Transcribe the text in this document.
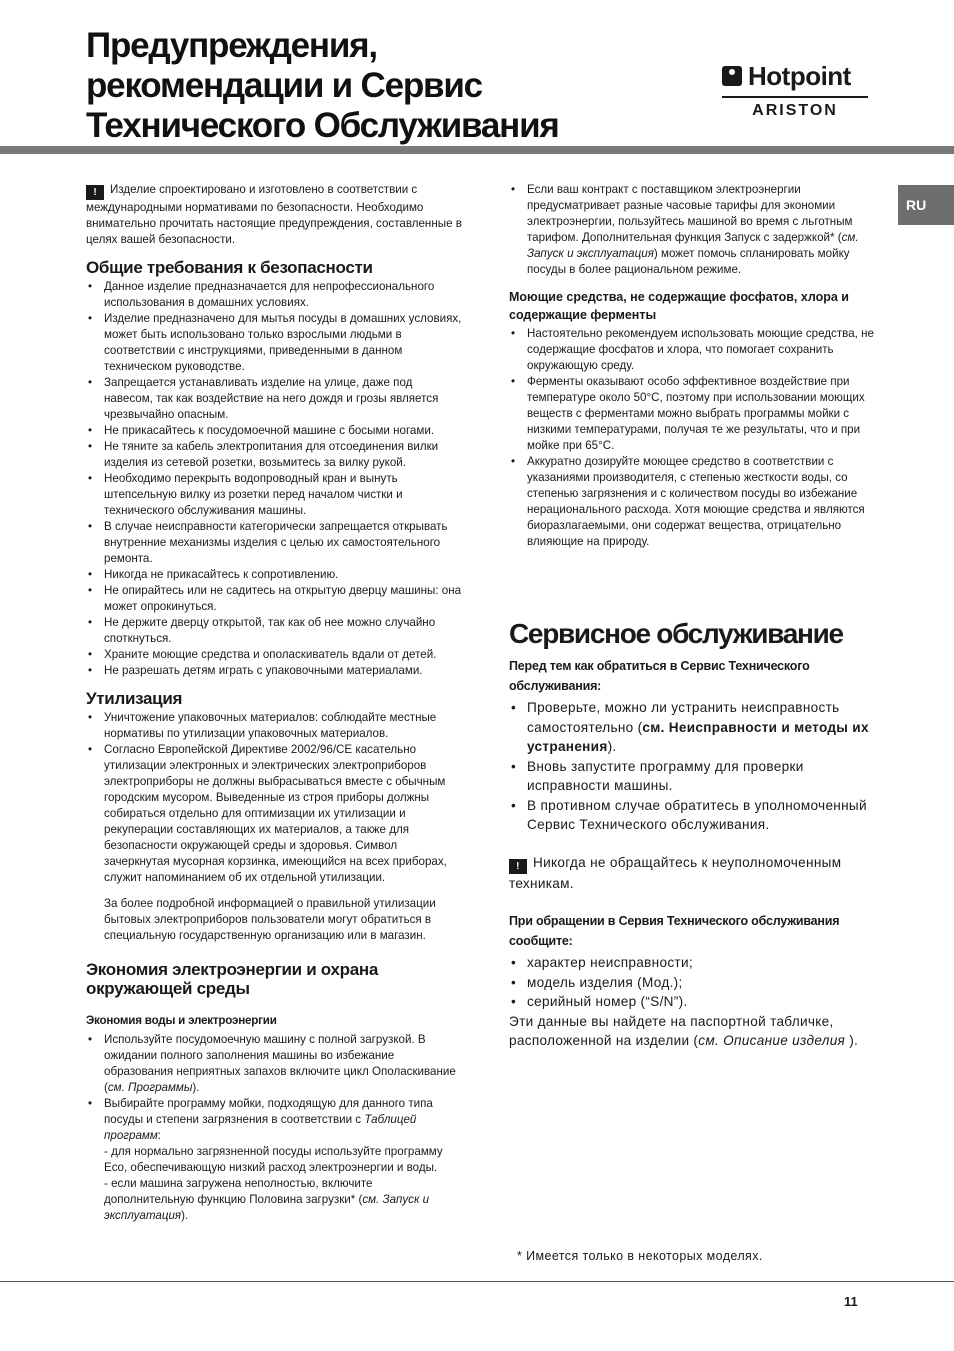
Предупреждения,
рекомендации и Сервис
Технического Обслуживания
Hotpoint
ARISTON
RU

! Изделие спроектировано и изготовлено в соответствии с международными нормативами по безопасности. Необходимо внимательно прочитать настоящие предупреждения, составленные в целях вашей безопасности.

Общие требования к безопасности
• Данное изделие предназначается для непрофессионального использования в домашних условиях.
• Изделие предназначено для мытья посуды в домашних условиях, может быть использовано только взрослыми людьми в соответствии с инструкциями, приведенными в данном техническом руководстве.
• Запрещается устанавливать изделие на улице, даже под навесом, так как воздействие на него дождя и грозы является чрезвычайно опасным.
• Не прикасайтесь к посудомоечной машине с босыми ногами.
• Не тяните за кабель электропитания для отсоединения вилки изделия из сетевой розетки, возьмитесь за вилку рукой.
• Необходимо перекрыть водопроводный кран и вынуть штепсельную вилку из розетки перед началом чистки и технического обслуживания машины.
• В случае неисправности категорически запрещается открывать внутренние механизмы изделия с целью их самостоятельного ремонта.
• Никогда не прикасайтесь к сопротивлению.
• Не опирайтесь или не садитесь на открытую дверцу машины: она может опрокинуться.
• Не держите дверцу открытой, так как об нее можно случайно споткнуться.
• Храните моющие средства и ополаскиватель вдали от детей.
• Не разрешать детям играть с упаковочными материалами.
Утилизация
• Уничтожение упаковочных материалов: соблюдайте местные нормативы по утилизации упаковочных материалов.
• Согласно Европейской Директиве 2002/96/CE касательно утилизации электронных и электрических электроприборов электроприборы не должны выбрасываться вместе с обычным городским мусором. Выведенные из строя приборы должны собираться отдельно для оптимизации их утилизации и рекуперации составляющих их материалов, а также для безопасности окружающей среды и здоровья. Символ зачеркнутая мусорная корзинка, имеющийся на всех приборах, служит напоминанием об их отдельной утилизации.

За более подробной информацией о правильной утилизации бытовых электроприборов пользователи могут обратиться в специальную государственную организацию или в магазин.

Экономия электроэнергии и охрана окружающей среды
Экономия воды и электроэнергии
• Используйте посудомоечную машину с полной загрузкой. В ожидании полного заполнения машины во избежание образования неприятных запахов включите цикл Ополаскивание (см. Программы).
• Выбирайте программу мойки, подходящую для данного типа посуды и степени загрязнения в соответствии с Таблицей программ:
- для нормально загрязненной посуды используйте программу Eco, обеспечивающую низкий расход электроэнергии и воды.
- если машина загружена неполностью, включите дополнительную функцию Половина загрузки* (см. Запуск и эксплуатация).
• Если ваш контракт с поставщиком электроэнергии предусматривает разные часовые тарифы для экономии электроэнергии, пользуйтесь машиной во время с льготным тарифом. Дополнительная функция Запуск с задержкой* (см. Запуск и эксплуатация) может помочь спланировать мойку посуды в более рациональном режиме.
Моющие средства, не содержащие фосфатов, хлора и содержащие ферменты
• Настоятельно рекомендуем использовать моющие средства, не содержащие фосфатов и хлора, что помогает сохранить окружающую среду.
• Ферменты оказывают особо эффективное воздействие при температуре около 50°C, поэтому при использовании моющих веществ с ферментами можно выбрать программы мойки с низкими температурами, получая те же результаты, что и при мойке при 65°C.
• Аккуратно дозируйте моющее средство в соответствии с указаниями производителя, с степенью жесткости воды, со степенью загрязнения и с количеством посуды во избежание нерационального расхода. Хотя моющие средства и являются биоразлагаемыми, они содержат вещества, отрицательно влияющие на природу.
Сервисное обслуживание
Перед тем как обратиться в Сервис Технического обслуживания:
• Проверьте, можно ли устранить неисправность самостоятельно (см. Неисправности и методы их устранения).
• Вновь запустите программу для проверки исправности машины.
• В противном случае обратитесь в уполномоченный Сервис Технического обслуживания.

! Никогда не обращайтесь к неуполномоченным техникам.

При обращении в Сервия Технического обслуживания сообщите:
• характер неисправности;
• модель изделия (Мод.);
• серийный номер (“S/N”).

Эти данные вы найдете на паспортной табличке, расположенной на изделии (см. Описание изделия ).

* Имеется только в некоторых моделях.
11
